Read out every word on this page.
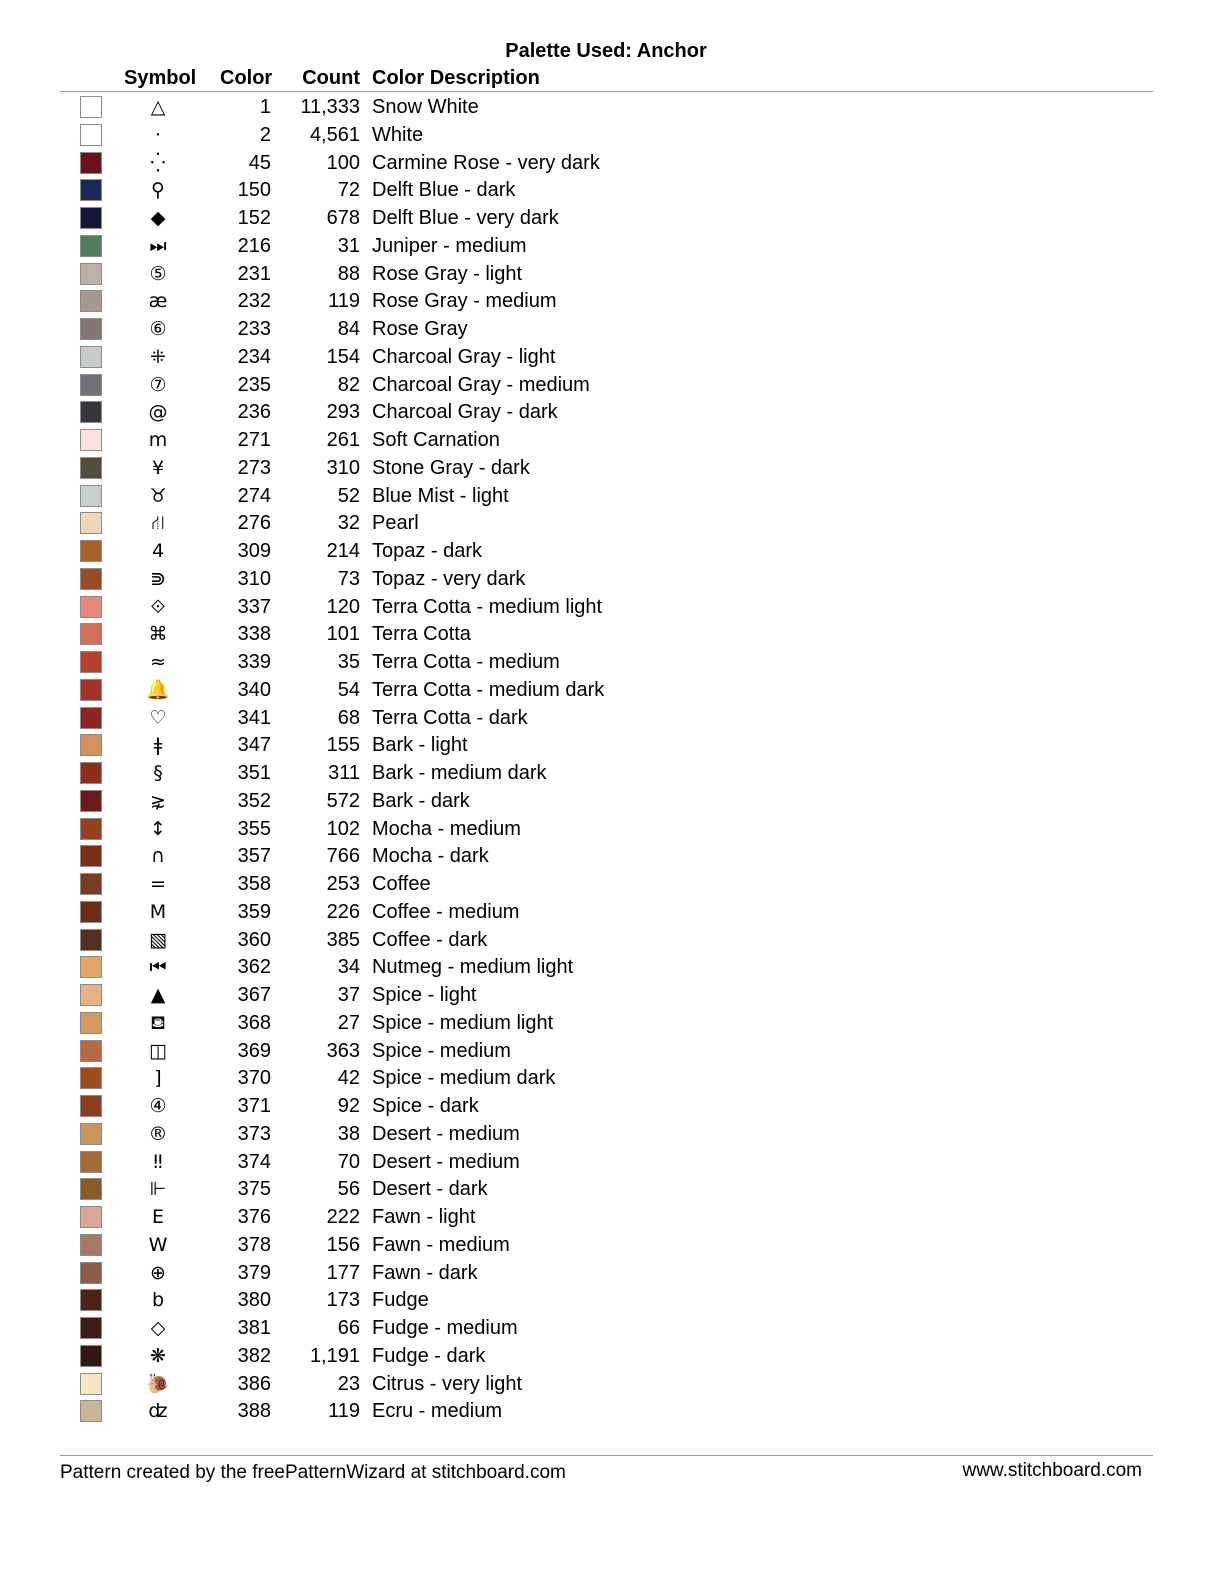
Palette Used: Anchor
Symbol Color	Count Color Description
△	1	11,333 Snow White
·	2	4,561 White
⁛	45	100 Carmine Rose - very dark
⚲	150	72 Delft Blue - dark
◆	152	678 Delft Blue - very dark
⏭	216	31 Juniper - medium
⑤	231	88 Rose Gray - light
æ	232	119 Rose Gray - medium
⑥	233	84 Rose Gray
⁜	234	154 Charcoal Gray - light
⑦	235	82 Charcoal Gray - medium
@	236	293 Charcoal Gray - dark
m	271	261 Soft Carnation
¥	273	310 Stone Gray - dark
♉	274	52 Blue Mist - light
⛙	276	32 Pearl
4	309	214 Topaz - dark
⋑	310	73 Topaz - very dark
⟐	337	120 Terra Cotta - medium light
⌘	338	101 Terra Cotta
≈	339	35 Terra Cotta - medium
🔔	340	54 Terra Cotta - medium dark
♡	341	68 Terra Cotta - dark
ǂ	347	155 Bark - light
§	351	311 Bark - medium dark
⋧	352	572 Bark - dark
↕	355	102 Mocha - medium
∩	357	766 Mocha - dark
=	358	253 Coffee
M	359	226 Coffee - medium
▧	360	385 Coffee - dark
⏮	362	34 Nutmeg - medium light
▲	367	37 Spice - light
⛾	368	27 Spice - medium light
◫	369	363 Spice - medium
]	370	42 Spice - medium dark
④	371	92 Spice - dark
®	373	38 Desert - medium
‼	374	70 Desert - medium
⊩	375	56 Desert - dark
E	376	222 Fawn - light
W	378	156 Fawn - medium
⊕	379	177 Fawn - dark
b	380	173 Fudge
◇	381	66 Fudge - medium
❋	382	1,191 Fudge - dark
🐌	386	23 Citrus - very light
ʣ	388	119 Ecru - medium
Pattern created by the freePatternWizard at stitchboard.com	www.stitchboard.com
